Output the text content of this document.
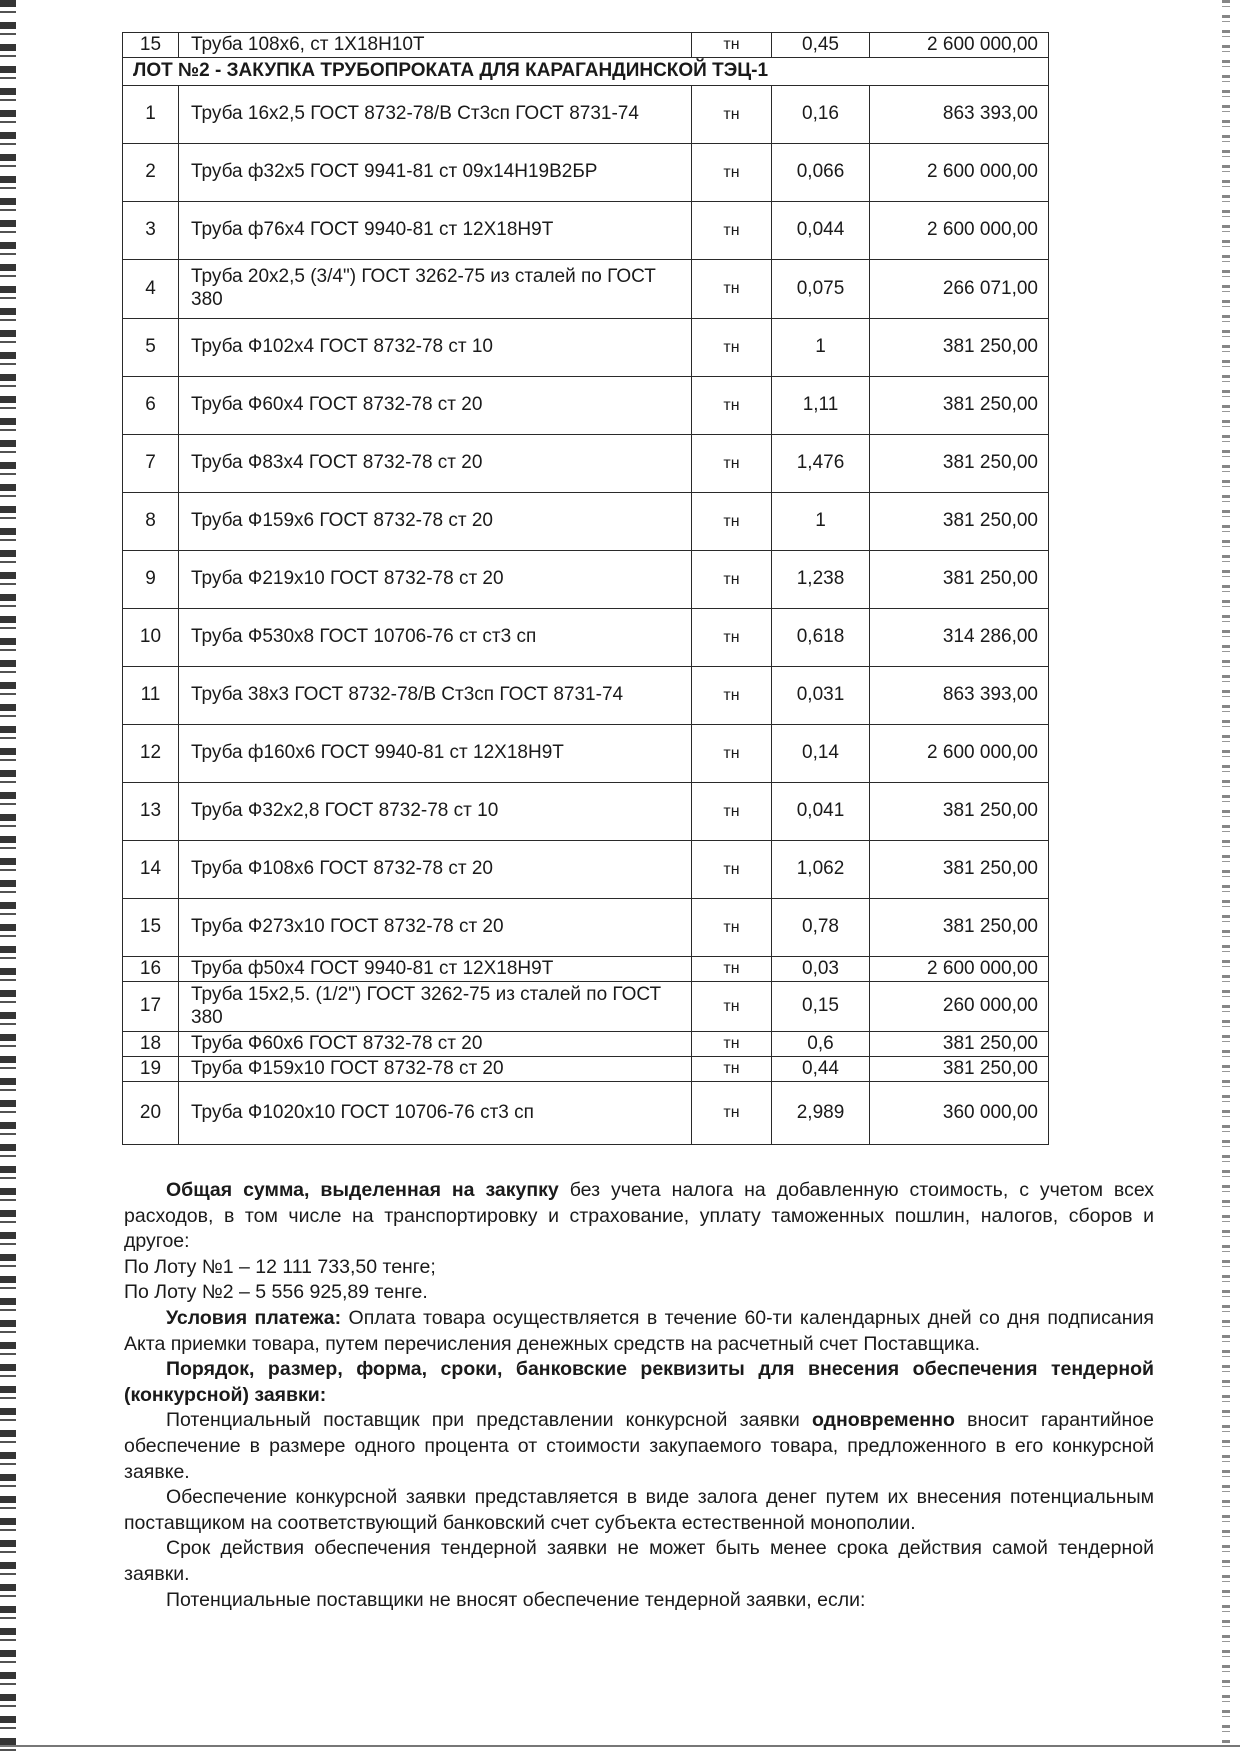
15	Труба 108х6, ст 1Х18Н10Т	тн	0,45	2 600 000,00
ЛОТ №2 - ЗАКУПКА ТРУБОПРОКАТА ДЛЯ КАРАГАНДИНСКОЙ ТЭЦ-1				
1	Труба 16х2,5 ГОСТ 8732-78/В Ст3сп ГОСТ 8731-74	тн	0,16	863 393,00
2	Труба ф32х5 ГОСТ 9941-81 ст 09х14Н19В2БР	тн	0,066	2 600 000,00
3	Труба ф76х4 ГОСТ 9940-81 ст 12Х18Н9Т	тн	0,044	2 600 000,00
4	Труба 20х2,5 (3/4") ГОСТ 3262-75 из сталей по ГОСТ 380	тн	0,075	266 071,00
5	Труба Ф102х4 ГОСТ 8732-78 ст 10	тн	1	381 250,00
6	Труба Ф60х4 ГОСТ 8732-78 ст 20	тн	1,11	381 250,00
7	Труба Ф83х4 ГОСТ 8732-78 ст 20	тн	1,476	381 250,00
8	Труба Ф159х6 ГОСТ 8732-78 ст 20	тн	1	381 250,00
9	Труба Ф219х10 ГОСТ 8732-78 ст 20	тн	1,238	381 250,00
10	Труба Ф530х8 ГОСТ 10706-76 ст ст3 сп	тн	0,618	314 286,00
11	Труба 38х3 ГОСТ 8732-78/В Ст3сп ГОСТ 8731-74	тн	0,031	863 393,00
12	Труба ф160х6 ГОСТ 9940-81 ст 12Х18Н9Т	тн	0,14	2 600 000,00
13	Труба Ф32х2,8 ГОСТ 8732-78 ст 10	тн	0,041	381 250,00
14	Труба Ф108х6 ГОСТ 8732-78 ст 20	тн	1,062	381 250,00
15	Труба Ф273х10 ГОСТ 8732-78 ст 20	тн	0,78	381 250,00
16	Труба ф50х4 ГОСТ 9940-81 ст 12Х18Н9Т	тн	0,03	2 600 000,00
17	Труба 15х2,5. (1/2") ГОСТ 3262-75 из сталей по ГОСТ 380	тн	0,15	260 000,00
18	Труба Ф60х6 ГОСТ 8732-78 ст 20	тн	0,6	381 250,00
19	Труба Ф159х10 ГОСТ 8732-78 ст 20	тн	0,44	381 250,00
20	Труба Ф1020х10 ГОСТ 10706-76 ст3 сп	тн	2,989	360 000,00

Общая сумма, выделенная на закупку без учета налога на добавленную стоимость, с учетом всех расходов, в том числе на транспортировку и страхование, уплату таможенных пошлин, налогов, сборов и другое:

По Лоту №1 – 12 111 733,50 тенге;

По Лоту №2 – 5 556 925,89 тенге.

Условия платежа: Оплата товара осуществляется в течение 60-ти календарных дней со дня подписания Акта приемки товара, путем перечисления денежных средств на расчетный счет Поставщика.

Порядок, размер, форма, сроки, банковские реквизиты для внесения обеспечения тендерной (конкурсной) заявки:

Потенциальный поставщик при представлении конкурсной заявки одновременно вносит гарантийное обеспечение в размере одного процента от стоимости закупаемого товара, предложенного в его конкурсной заявке.

Обеспечение конкурсной заявки представляется в виде залога денег путем их внесения потенциальным поставщиком на соответствующий банковский счет субъекта естественной монополии.

Срок действия обеспечения тендерной заявки не может быть менее срока действия самой тендерной заявки.

Потенциальные поставщики не вносят обеспечение тендерной заявки, если:
